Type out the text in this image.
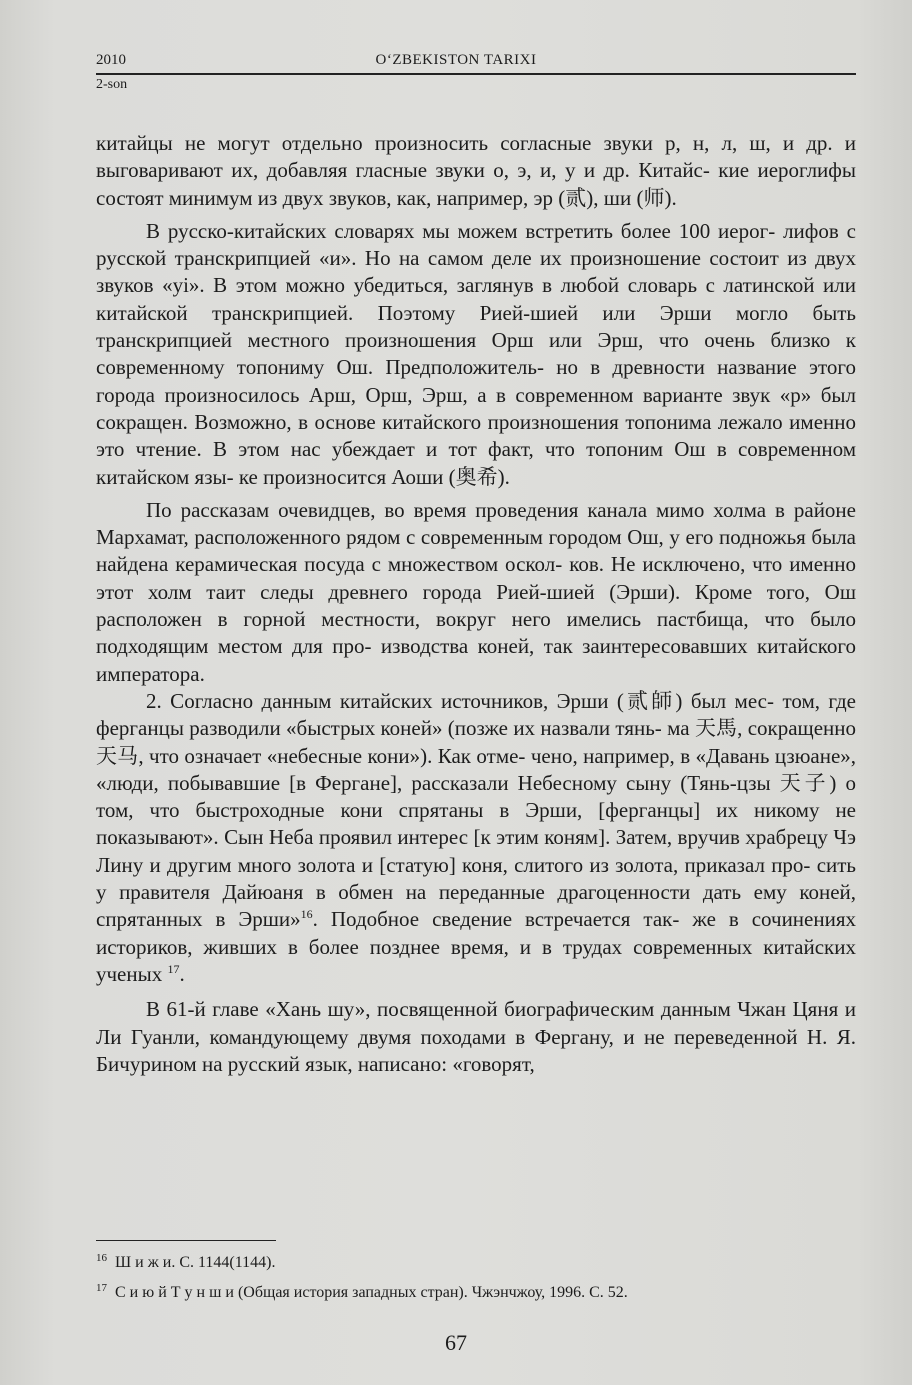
2010	O‘ZBEKISTON TARIXI
2-son

китайцы не могут отдельно произносить согласные звуки р, н, л, ш, и др. и выговаривают их, добавляя гласные звуки о, э, и, у и др. Китайс- кие иероглифы состоят минимум из двух звуков, как, например, эр (贰), ши (师).

В русско-китайских словарях мы можем встретить более 100 иерог- лифов с русской транскрипцией «и». Но на самом деле их произношение состоит из двух звуков «уі». В этом можно убедиться, заглянув в любой словарь с латинской или китайской транскрипцией. Поэтому Рией-шией или Эрши могло быть транскрипцией местного произношения Орш или Эрш, что очень близко к современному топониму Ош. Предположитель- но в древности название этого города произносилось Арш, Орш, Эрш, а в современном варианте звук «р» был сокращен. Возможно, в основе китайского произношения топонима лежало именно это чтение. В этом нас убеждает и тот факт, что топоним Ош в современном китайском язы- ке произносится Аоши (奥希).

По рассказам очевидцев, во время проведения канала мимо холма в районе Мархамат, расположенного рядом с современным городом Ош, у его подножья была найдена керамическая посуда с множеством оскол- ков. Не исключено, что именно этот холм таит следы древнего города Рией-шией (Эрши). Кроме того, Ош расположен в горной местности, вокруг него имелись пастбища, что было подходящим местом для про- изводства коней, так заинтересовавших китайского императора.

2. Согласно данным китайских источников, Эрши (贰師) был мес- том, где ферганцы разводили «быстрых коней» (позже их назвали тянь- ма 天馬, сокращенно 天马, что означает «небесные кони»). Как отме- чено, например, в «Давань цзюане», «люди, побывавшие [в Фергане], рассказали Небесному сыну (Тянь-цзы 天子) о том, что быстроходные кони спрятаны в Эрши, [ферганцы] их никому не показывают». Сын Неба проявил интерес [к этим коням]. Затем, вручив храбрецу Чэ Лину и другим много золота и [статую] коня, слитого из золота, приказал про- сить у правителя Дайюаня в обмен на переданные драгоценности дать ему коней, спрятанных в Эрши»$^{16}$. Подобное сведение встречается так- же в сочинениях историков, живших в более позднее время, и в трудах современных китайских ученых $^{17}$.

В 61-й главе «Хань шу», посвященной биографическим данным Чжан Цяня и Ли Гуанли, командующему двумя походами в Фергану, и не переведенной Н. Я. Бичурином на русский язык, написано: «говорят,

$^{16}$ Ш и ж и. С. 1144(1144).

$^{17}$ С и ю й Т у н ш и (Общая история западных стран). Чжэнчжоу, 1996. С. 52.

67
